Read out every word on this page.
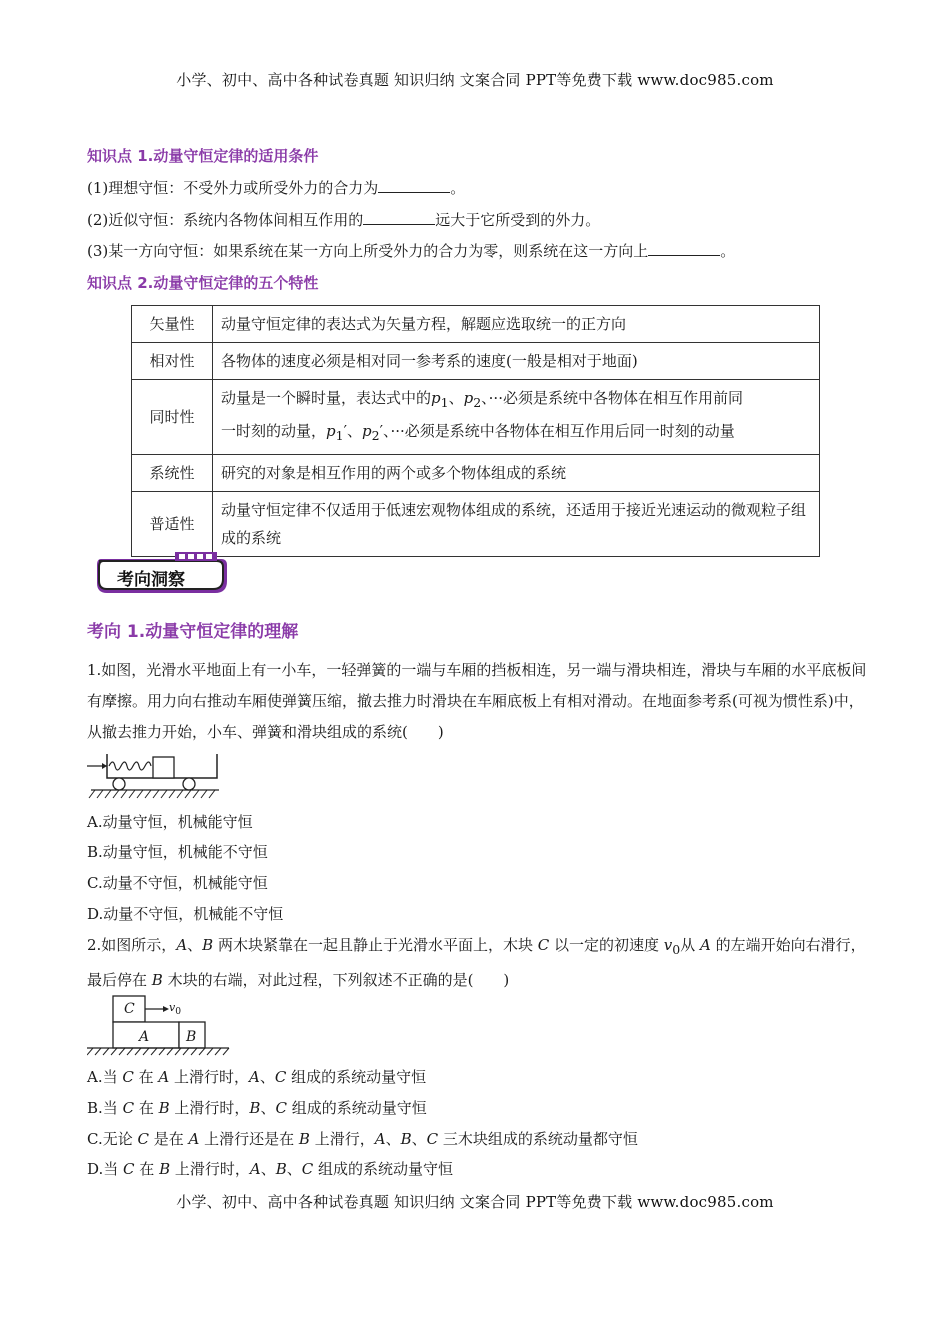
小学、初中、高中各种试卷真题 知识归纳 文案合同 PPT等免费下载 www.doc985.com
知识点 1.动量守恒定律的适用条件
(1)理想守恒：不受外力或所受外力的合力为	。
(2)近似守恒：系统内各物体间相互作用的	远大于它所受到的外力。
(3)某一方向守恒：如果系统在某一方向上所受外力的合力为零，则系统在这一方向上	。
知识点 2.动量守恒定律的五个特性
矢量性	动量守恒定律的表达式为矢量方程，解题应选取统一的正方向
相对性	各物体的速度必须是相对同一参考系的速度(一般是相对于地面)
同时性	动量是一个瞬时量，表达式中的$p_1$、$p_2$、···必须是系统中各物体在相互作用前同
一时刻的动量，$p_1'$、$p_2'$、···必须是系统中各物体在相互作用后同一时刻的动量
系统性	研究的对象是相互作用的两个或多个物体组成的系统
普适性	动量守恒定律不仅适用于低速宏观物体组成的系统，还适用于接近光速运动的微观粒子组成的系统
考向洞察
考向 1.动量守恒定律的理解
1.如图，光滑水平地面上有一小车，一轻弹簧的一端与车厢的挡板相连，另一端与滑块相连，滑块与车厢的水平底板间有摩擦。用力向右推动车厢使弹簧压缩，撤去推力时滑块在车厢底板上有相对滑动。在地面参考系(可视为惯性系)中，从撤去推力开始，小车、弹簧和滑块组成的系统(　　)
A.动量守恒，机械能守恒
B.动量守恒，机械能不守恒
C.动量不守恒，机械能守恒
D.动量不守恒，机械能不守恒
2.如图所示，A、B 两木块紧靠在一起且静止于光滑水平面上，木块 C 以一定的初速度 $v_0$从 A 的左端开始向右滑行，最后停在 B 木块的右端，对此过程，下列叙述不正确的是(　　)
C	$v_0$
A	B
A.当 C 在 A 上滑行时，A、C 组成的系统动量守恒
B.当 C 在 B 上滑行时，B、C 组成的系统动量守恒
C.无论 C 是在 A 上滑行还是在 B 上滑行，A、B、C 三木块组成的系统动量都守恒
D.当 C 在 B 上滑行时，A、B、C 组成的系统动量守恒
小学、初中、高中各种试卷真题 知识归纳 文案合同 PPT等免费下载 www.doc985.com
